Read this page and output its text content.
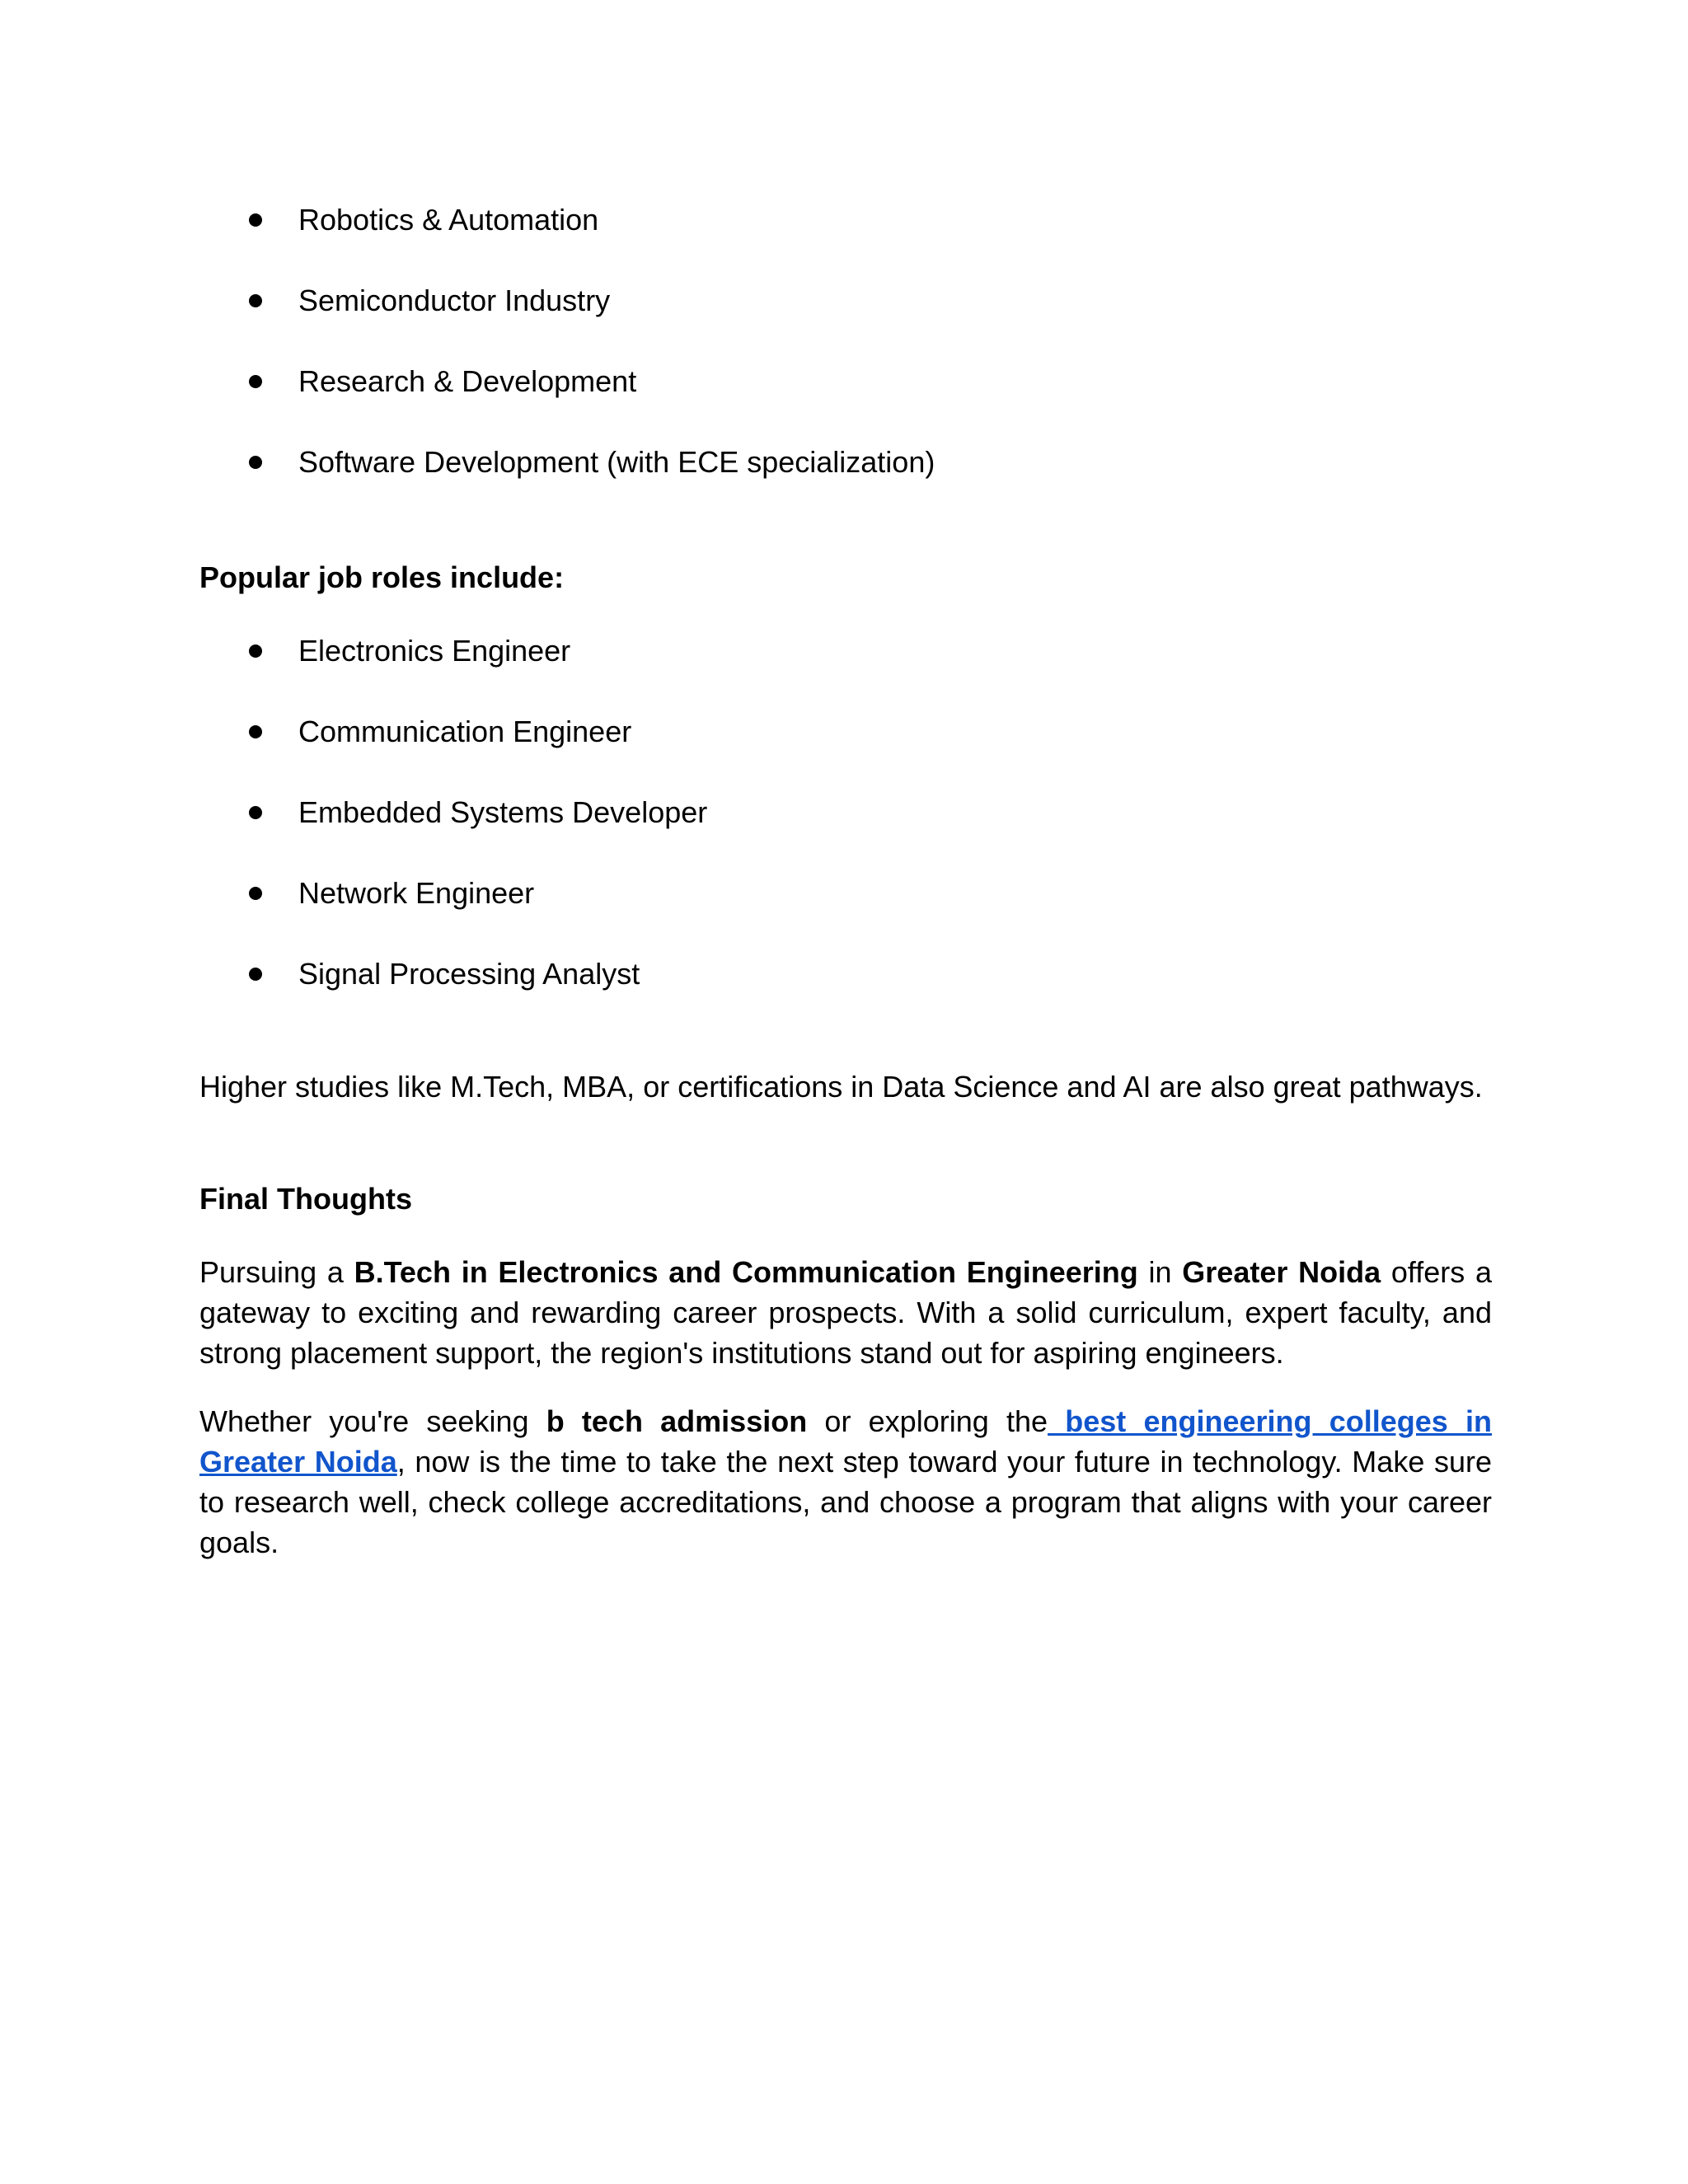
Robotics & Automation
Semiconductor Industry
Research & Development
Software Development (with ECE specialization)
Popular job roles include:
Electronics Engineer
Communication Engineer
Embedded Systems Developer
Network Engineer
Signal Processing Analyst

Higher studies like M.Tech, MBA, or certifications in Data Science and AI are also great pathways.

Final Thoughts

Pursuing a B.Tech in Electronics and Communication Engineering in Greater Noida offers a gateway to exciting and rewarding career prospects. With a solid curriculum, expert faculty, and strong placement support, the region's institutions stand out for aspiring engineers.

Whether you're seeking b tech admission or exploring the best engineering colleges in Greater Noida, now is the time to take the next step toward your future in technology. Make sure to research well, check college accreditations, and choose a program that aligns with your career goals.
